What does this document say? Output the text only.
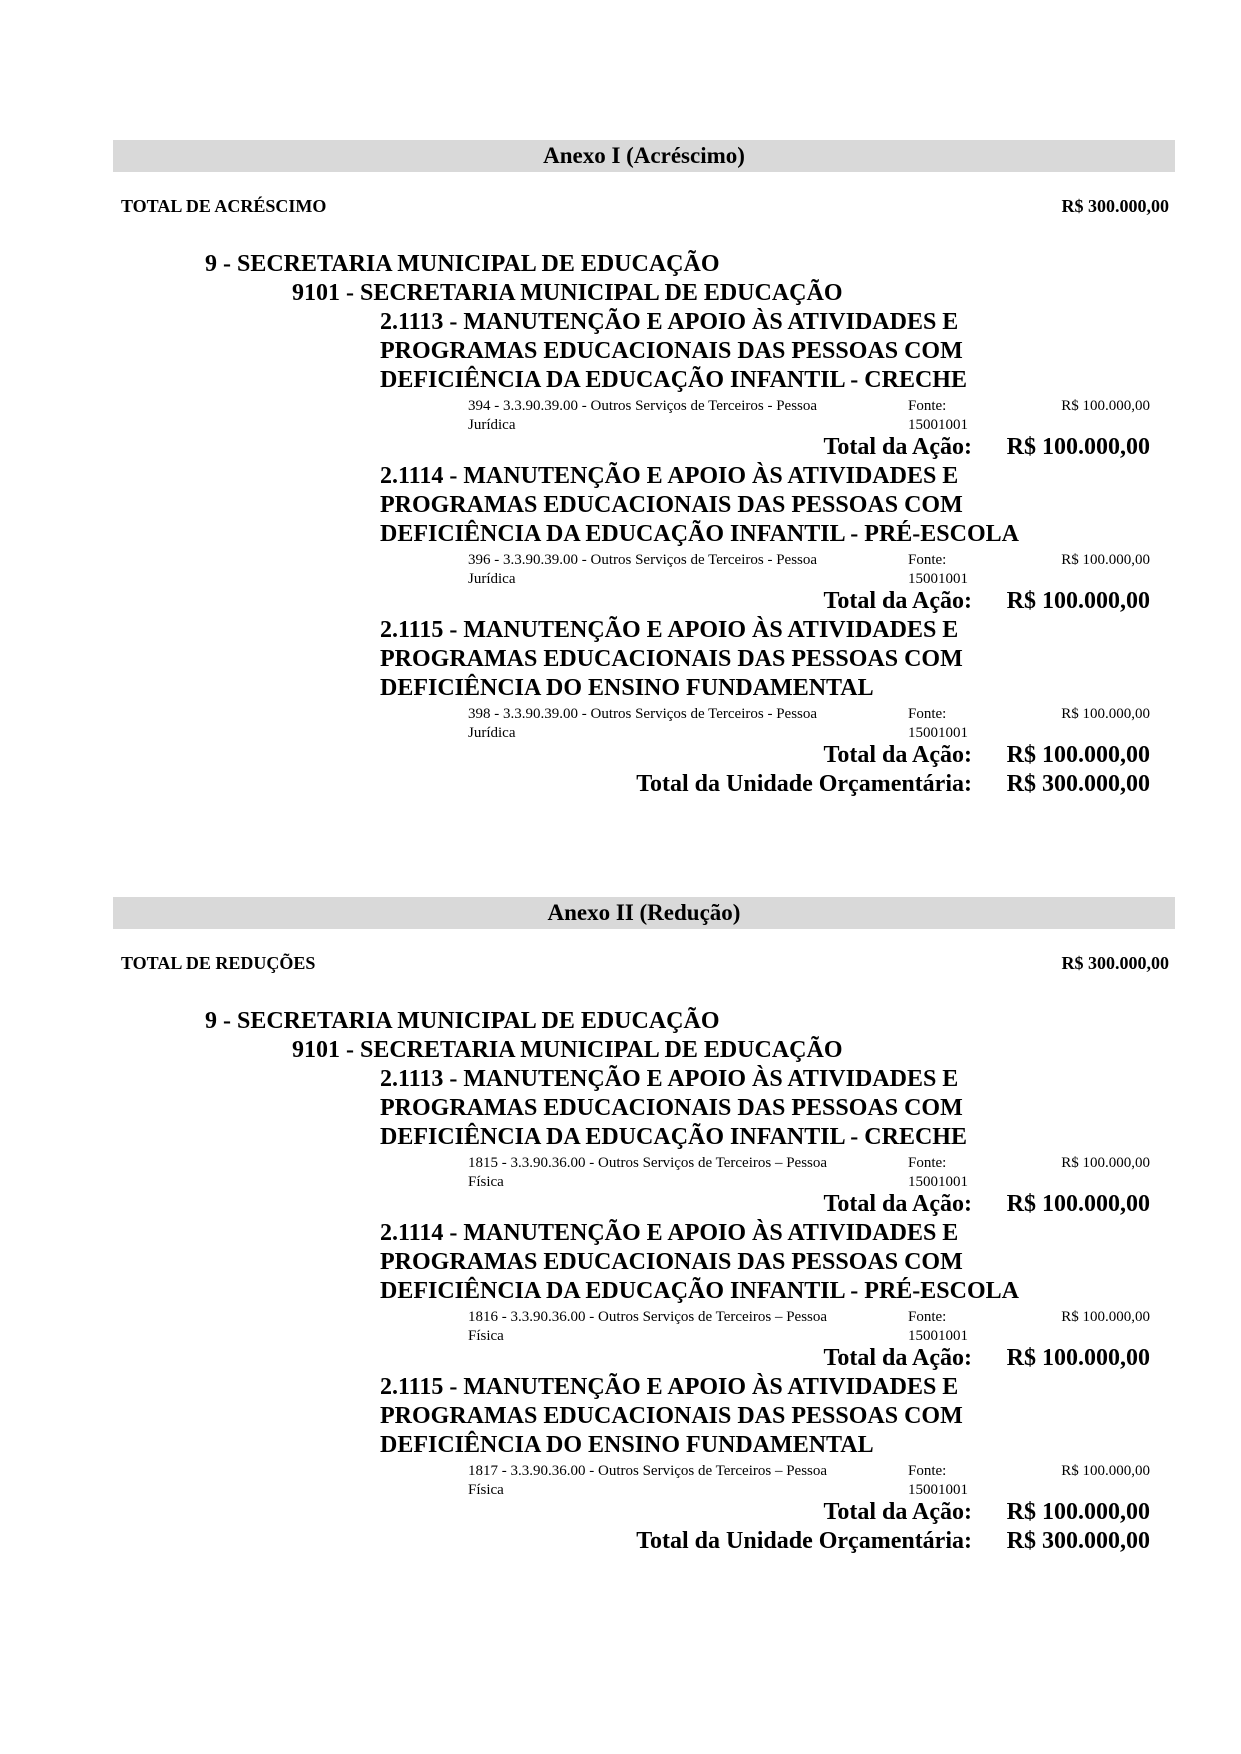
Anexo I (Acréscimo)
TOTAL DE ACRÉSCIMO	R$ 300.000,00
9 - SECRETARIA MUNICIPAL DE EDUCAÇÃO
9101 - SECRETARIA MUNICIPAL DE EDUCAÇÃO
2.1113 - MANUTENÇÃO E APOIO ÀS ATIVIDADES E
PROGRAMAS EDUCACIONAIS DAS PESSOAS COM
DEFICIÊNCIA DA EDUCAÇÃO INFANTIL - CRECHE
394 - 3.3.90.39.00 - Outros Serviços de Terceiros - Pessoa
Jurídica
Fonte:
15001001
R$ 100.000,00
Total da Ação: R$ 100.000,00
2.1114 - MANUTENÇÃO E APOIO ÀS ATIVIDADES E
PROGRAMAS EDUCACIONAIS DAS PESSOAS COM
DEFICIÊNCIA DA EDUCAÇÃO INFANTIL - PRÉ-ESCOLA
396 - 3.3.90.39.00 - Outros Serviços de Terceiros - Pessoa
Jurídica
Fonte:
15001001
R$ 100.000,00
Total da Ação: R$ 100.000,00
2.1115 - MANUTENÇÃO E APOIO ÀS ATIVIDADES E
PROGRAMAS EDUCACIONAIS DAS PESSOAS COM
DEFICIÊNCIA DO ENSINO FUNDAMENTAL
398 - 3.3.90.39.00 - Outros Serviços de Terceiros - Pessoa
Jurídica
Fonte:
15001001
R$ 100.000,00
Total da Ação: R$ 100.000,00
Total da Unidade Orçamentária: R$ 300.000,00
Anexo II (Redução)
TOTAL DE REDUÇÕES	R$ 300.000,00
9 - SECRETARIA MUNICIPAL DE EDUCAÇÃO
9101 - SECRETARIA MUNICIPAL DE EDUCAÇÃO
2.1113 - MANUTENÇÃO E APOIO ÀS ATIVIDADES E
PROGRAMAS EDUCACIONAIS DAS PESSOAS COM
DEFICIÊNCIA DA EDUCAÇÃO INFANTIL - CRECHE
1815 - 3.3.90.36.00 - Outros Serviços de Terceiros – Pessoa
Física
Fonte:
15001001
R$ 100.000,00
Total da Ação: R$ 100.000,00
2.1114 - MANUTENÇÃO E APOIO ÀS ATIVIDADES E
PROGRAMAS EDUCACIONAIS DAS PESSOAS COM
DEFICIÊNCIA DA EDUCAÇÃO INFANTIL - PRÉ-ESCOLA
1816 - 3.3.90.36.00 - Outros Serviços de Terceiros – Pessoa
Física
Fonte:
15001001
R$ 100.000,00
Total da Ação: R$ 100.000,00
2.1115 - MANUTENÇÃO E APOIO ÀS ATIVIDADES E
PROGRAMAS EDUCACIONAIS DAS PESSOAS COM
DEFICIÊNCIA DO ENSINO FUNDAMENTAL
1817 - 3.3.90.36.00 - Outros Serviços de Terceiros – Pessoa
Física
Fonte:
15001001
R$ 100.000,00
Total da Ação: R$ 100.000,00
Total da Unidade Orçamentária: R$ 300.000,00
